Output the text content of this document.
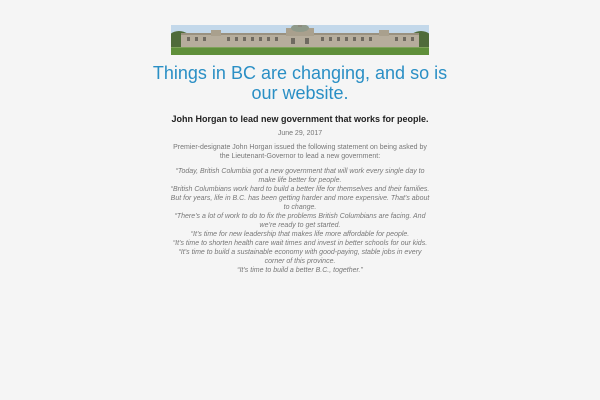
Things in BC are changing, and so is our website.

John Horgan to lead new government that works for people.

June 29, 2017

Premier-designate John Horgan issued the following statement on being asked by the Lieutenant-Governor to lead a new government:

“Today, British Columbia got a new government that will work every single day to make life better for people.

“British Columbians work hard to build a better life for themselves and their families. But for years, life in B.C. has been getting harder and more expensive. That’s about to change.

“There’s a lot of work to do to fix the problems British Columbians are facing. And we’re ready to get started.

“It’s time for new leadership that makes life more affordable for people.

“It’s time to shorten health care wait times and invest in better schools for our kids.

“It’s time to build a sustainable economy with good-paying, stable jobs in every corner of this province.

“It’s time to build a better B.C., together.”
